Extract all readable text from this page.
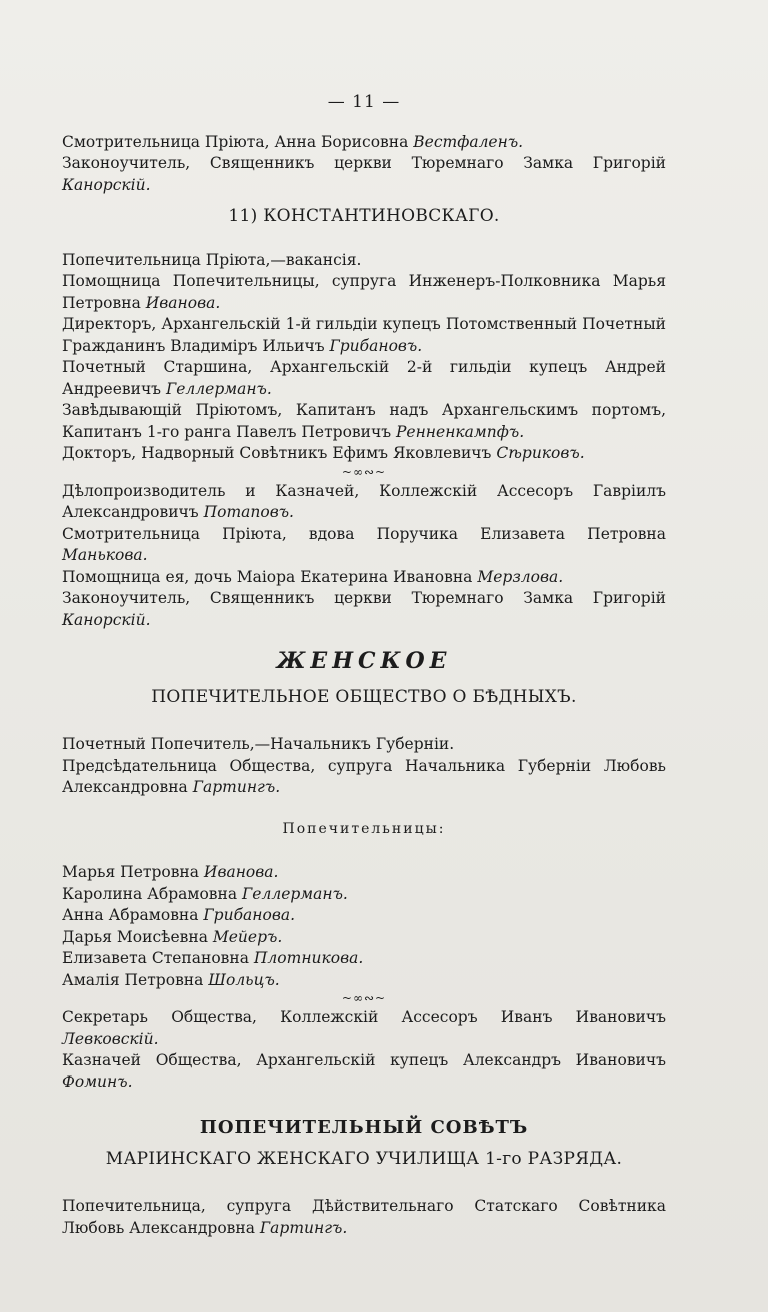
— 11 —
Смотрительница Прiюта, Анна Борисовна Вестфаленъ.
Законоучитель, Священникъ церкви Тюремнаго Замка Григорiй Канорскiй.
11) КОНСТАНТИНОВСКАГО.
Попечительница Прiюта,—вакансiя.
Помощница Попечительницы, супруга Инженеръ-Полковника Марья Петровна Иванова.
Директоръ, Архангельскiй 1-й гильдiи купецъ Потомственный Почетный Гражданинъ Владимiръ Ильичъ Грибановъ.
Почетный Старшина, Архангельскiй 2-й гильдiи купецъ Андрей Андреевичъ Геллерманъ.
Завѣдывающiй Прiютомъ, Капитанъ надъ Архангельскимъ портомъ, Капитанъ 1-го ранга Павелъ Петровичъ Ренненкампфъ.
Докторъ, Надворный Совѣтникъ Ефимъ Яковлевичъ Сѣриковъ.
~∞∾~
Дѣлопроизводитель и Казначей, Коллежскiй Ассесоръ Гаврiилъ Александровичъ Потаповъ.
Смотрительница Прiюта, вдова Поручика Елизавета Петровна Маньковa.
Помощница ея, дочь Маiора Екатерина Ивановна Мерзлова.
Законоучитель, Священникъ церкви Тюремнаго Замка Григорiй Канорскiй.
ЖЕНСКОЕ
ПОПЕЧИТЕЛЬНОЕ ОБЩЕСТВО О БѢДНЫХЪ.
Почетный Попечитель,—Начальникъ Губернiи.
Предсѣдательница Общества, супруга Начальника Губернiи Любовь Александровна Гартингъ.
Попечительницы:
Марья Петровна Иванова.
Каролина Абрамовна Геллерманъ.
Анна Абрамовна Грибанова.
Дарья Моисѣевна Мейеръ.
Елизавета Степановна Плотникова.
Амалiя Петровна Шольцъ.
~∞∾~
Секретарь Общества, Коллежскiй Ассесоръ Иванъ Ивановичъ Левковскiй.
Казначей Общества, Архангельскiй купецъ Александръ Ивановичъ Фоминъ.
ПОПЕЧИТЕЛЬНЫЙ СОВѢТЪ
МАРIИНСКАГО ЖЕНСКАГО УЧИЛИЩА 1-го РАЗРЯДА.
Попечительница, супруга Дѣйствительнаго Статскаго Совѣтника Любовь Александровна Гартингъ.
